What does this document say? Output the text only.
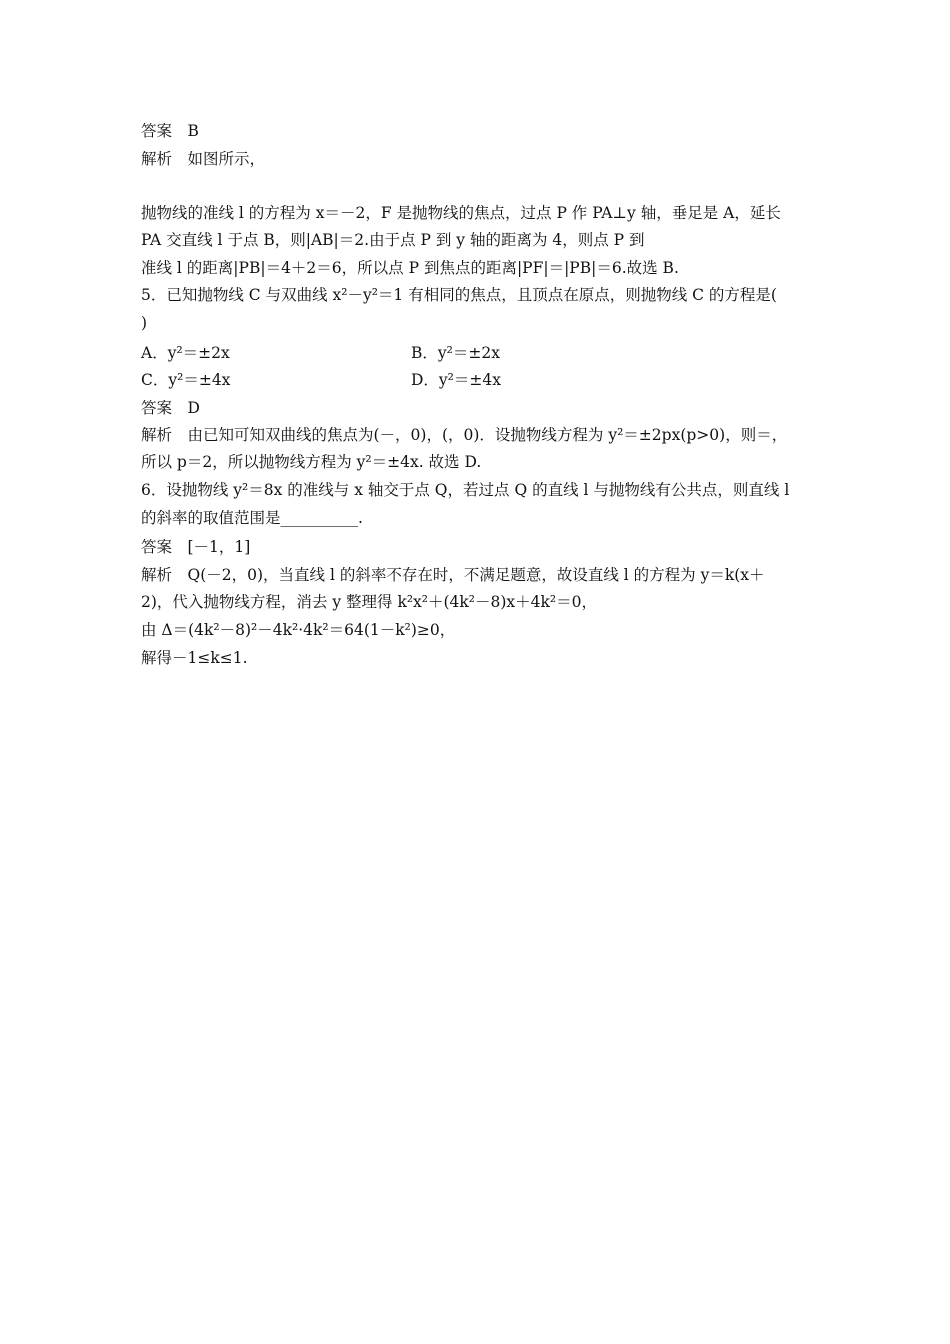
答案　B
解析　如图所示，
抛物线的准线 l 的方程为 x＝－2，F 是抛物线的焦点，过点 P 作 PA⊥y 轴，垂足是 A，延长
PA 交直线 l 于点 B，则|AB|＝2.由于点 P 到 y 轴的距离为 4，则点 P 到
准线 l 的距离|PB|＝4＋2＝6，所以点 P 到焦点的距离|PF|＝|PB|＝6.故选 B.
5．已知抛物线 C 与双曲线 x²－y²＝1 有相同的焦点，且顶点在原点，则抛物线 C 的方程是(
)
A．y²＝±2x	B．y²＝±2x
C．y²＝±4x	D．y²＝±4x
答案　D
解析　由已知可知双曲线的焦点为(－，0)，(，0)．设抛物线方程为 y²＝±2px(p>0)，则＝，
所以 p＝2，所以抛物线方程为 y²＝±4x. 故选 D.
6．设抛物线 y²＝8x 的准线与 x 轴交于点 Q，若过点 Q 的直线 l 与抛物线有公共点，则直线 l
的斜率的取值范围是__________.
答案　[－1，1]
解析　Q(－2，0)，当直线 l 的斜率不存在时，不满足题意，故设直线 l 的方程为 y＝k(x＋
2)，代入抛物线方程，消去 y 整理得 k²x²＋(4k²－8)x＋4k²＝0，
由 Δ＝(4k²－8)²－4k²·4k²＝64(1－k²)≥0，
解得－1≤k≤1.
